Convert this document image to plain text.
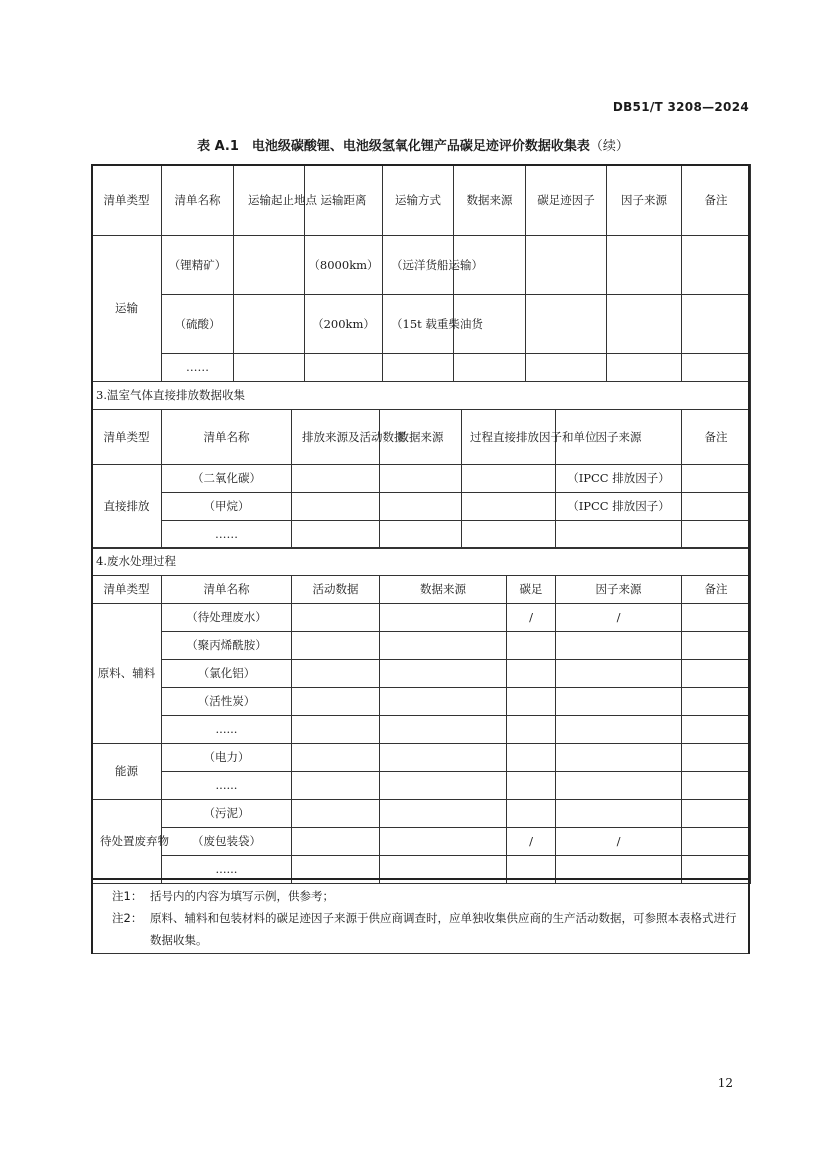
DB51/T 3208—2024
表 A.1　电池级碳酸锂、电池级氢氧化锂产品碳足迹评价数据收集表（续）
清单类型	清单名称	运输起止地点	运输距离	运输方式	数据来源	碳足迹因子	因子来源	备注
运输	（锂精矿）		（8000km）	（远洋货船运输）				
	（硫酸）		（200km）	（15t 载重柴油货				
	……							
3.温室气体直接排放数据收集						
清单类型	清单名称	排放来源及活动数据	数据来源	过程直接排放因子和单位	因子来源	备注
直接排放	（二氧化碳）				（IPCC 排放因子）	
	（甲烷）				（IPCC 排放因子）	
	……					
4.废水处理过程						
清单类型	清单名称	活动数据	数据来源	碳足	因子来源	备注
原料、辅料	（待处理废水）			/	/	
	（聚丙烯酰胺）					
	（氯化铝）					
	（活性炭）					
	......					
能源	（电力）					
	......					
待处置废弃物	（污泥）					
	（废包装袋）			/	/	
	......					
注1： 括号内的内容为填写示例，供参考；
注2： 原料、辅料和包装材料的碳足迹因子来源于供应商调查时，应单独收集供应商的生产活动数据，可参照本表格式进行数据收集。
12
